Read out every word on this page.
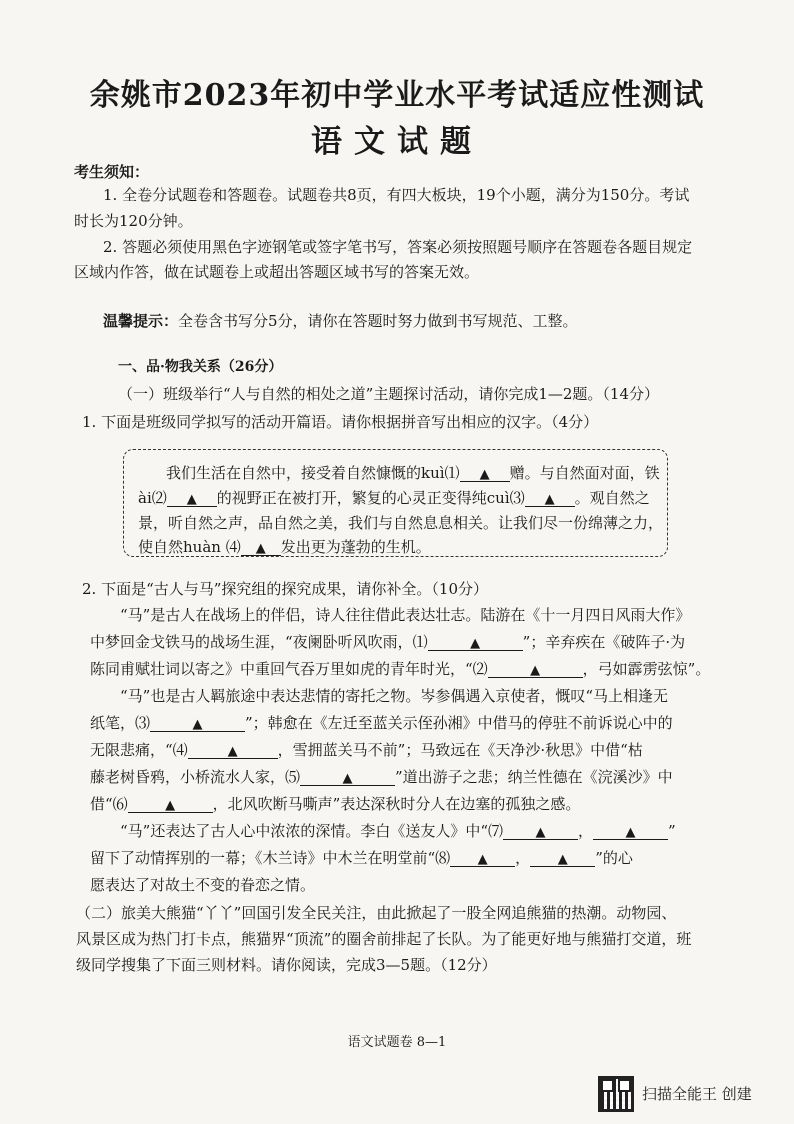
余姚市2023年初中学业水平考试适应性测试
语文试题
考生须知：
1. 全卷分试题卷和答题卷。试题卷共8页，有四大板块，19个小题，满分为150分。考试
时长为120分钟。
2. 答题必须使用黑色字迹钢笔或签字笔书写，答案必须按照题号顺序在答题卷各题目规定
区域内作答，做在试题卷上或超出答题区域书写的答案无效。
温馨提示：全卷含书写分5分，请你在答题时努力做到书写规范、工整。
一、品·物我关系（26分）
（一）班级举行“人与自然的相处之道”主题探讨活动，请你完成1—2题。（14分）
1. 下面是班级同学拟写的活动开篇语。请你根据拼音写出相应的汉字。（4分）
我们生活在自然中，接受着自然慷慨的kuì⑴ ▲ 赠。与自然面对面，铁
ài⑵ ▲ 的视野正在被打开，繁复的心灵正变得纯cuì⑶ ▲ 。观自然之
景，听自然之声，品自然之美，我们与自然息息相关。让我们尽一份绵薄之力，
使自然huàn ⑷ ▲ 发出更为蓬勃的生机。
2. 下面是“古人与马”探究组的探究成果，请你补全。（10分）
“马”是古人在战场上的伴侣，诗人往往借此表达壮志。陆游在《十一月四日风雨大作》
中梦回金戈铁马的战场生涯，“夜阑卧听风吹雨，⑴	▲	”；辛弃疾在《破阵子·为
陈同甫赋壮词以寄之》中重回气吞万里如虎的青年时光，“⑵	▲	，弓如霹雳弦惊”。
“马”也是古人羁旅途中表达悲情的寄托之物。岑参偶遇入京使者，慨叹“马上相逢无
纸笔，⑶	▲	”；韩愈在《左迁至蓝关示侄孙湘》中借马的停驻不前诉说心中的
无限悲痛，“⑷	▲	，雪拥蓝关马不前”；马致远在《天净沙·秋思》中借“枯
藤老树昏鸦，小桥流水人家，⑸	▲	”道出游子之悲；纳兰性德在《浣溪沙》中
借“⑹	▲	，北风吹断马嘶声”表达深秋时分人在边塞的孤独之感。
“马”还表达了古人心中浓浓的深情。李白《送友人》中“⑺	▲ ，	▲ ”
留下了动情挥别的一幕；《木兰诗》中木兰在明堂前“⑻ ▲ ， ▲ ”的心
愿表达了对故土不变的眷恋之情。
（二）旅美大熊猫“丫丫”回国引发全民关注，由此掀起了一股全网追熊猫的热潮。动物园、
风景区成为热门打卡点，熊猫界“顶流”的圈舍前排起了长队。为了能更好地与熊猫打交道，班
级同学搜集了下面三则材料。请你阅读，完成3—5题。（12分）
语文试题卷 8—1
扫描全能王 创建
